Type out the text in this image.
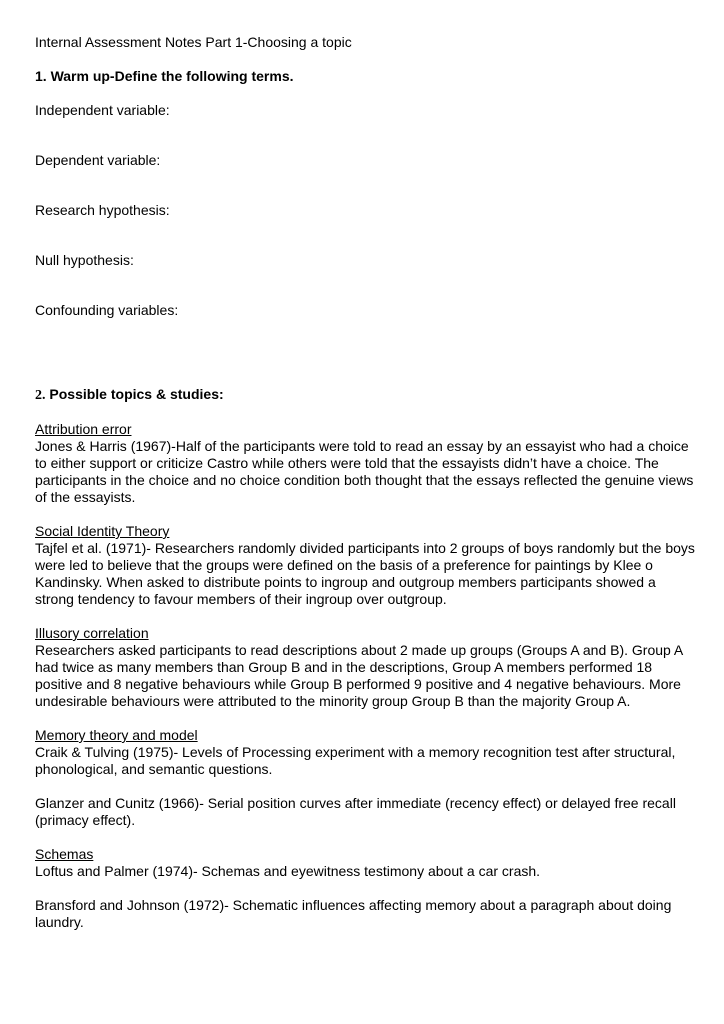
Internal Assessment Notes Part 1-Choosing a topic

1. Warm up-Define the following terms.

Independent variable:

Dependent variable:

Research hypothesis:

Null hypothesis:

Confounding variables:

2. Possible topics & studies:

Attribution error

Jones & Harris (1967)-Half of the participants were told to read an essay by an essayist who had a choice to either support or criticize Castro while others were told that the essayists didn’t have a choice. The participants in the choice and no choice condition both thought that the essays reflected the genuine views of the essayists.

Social Identity Theory

Tajfel et al. (1971)- Researchers randomly divided participants into 2 groups of boys randomly but the boys were led to believe that the groups were defined on the basis of a preference for paintings by Klee o Kandinsky. When asked to distribute points to ingroup and outgroup members participants showed a strong tendency to favour members of their ingroup over outgroup.

Illusory correlation

Researchers asked participants to read descriptions about 2 made up groups (Groups A and B). Group A had twice as many members than Group B and in the descriptions, Group A members performed 18 positive and 8 negative behaviours while Group B performed 9 positive and 4 negative behaviours. More undesirable behaviours were attributed to the minority group Group B than the majority Group A.

Memory theory and model

Craik & Tulving (1975)- Levels of Processing experiment with a memory recognition test after structural, phonological, and semantic questions.

Glanzer and Cunitz (1966)- Serial position curves after immediate (recency effect) or delayed free recall (primacy effect).

Schemas

Loftus and Palmer (1974)- Schemas and eyewitness testimony about a car crash.

Bransford and Johnson (1972)- Schematic influences affecting memory about a paragraph about doing laundry.
